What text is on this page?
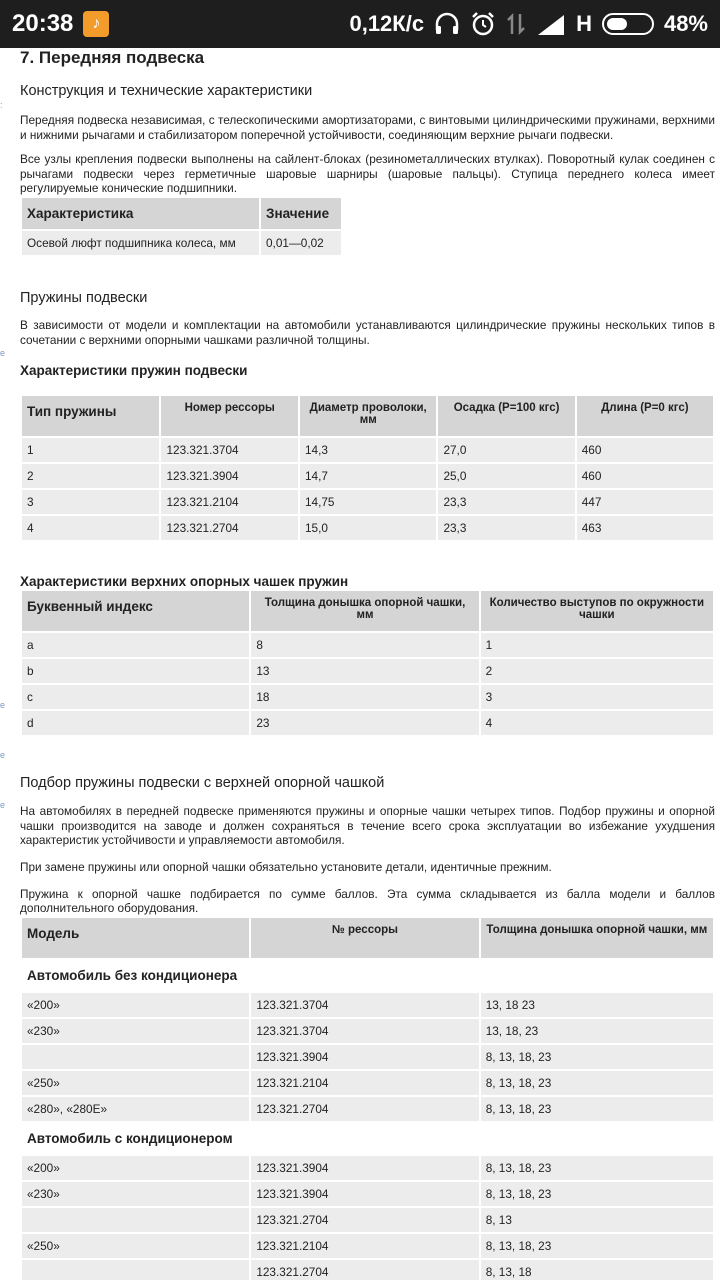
20:38	♪	0,12К/с	H	48%
:
e
e
e
e
7. Передняя подвеска
Конструкция и технические характеристики

Передняя подвеска независимая, с телескопическими амортизаторами, с винтовыми цилиндрическими пружинами, верхними и нижними рычагами и стабилизатором поперечной устойчивости, соединяющим верхние рычаги подвески.

Все узлы крепления подвески выполнены на сайлент-блоках (резинометаллических втулках). Поворотный кулак соединен с рычагами подвески через герметичные шаровые шарниры (шаровые пальцы). Ступица переднего колеса имеет регулируемые конические подшипники.

Характеристика	Значение
Осевой люфт подшипника колеса, мм	0,01—0,02
Пружины подвески

В зависимости от модели и комплектации на автомобили устанавливаются цилиндрические пружины нескольких типов в сочетании с верхними опорными чашками различной толщины.

Характеристики пружин подвески
Тип пружины	Номер рессоры	Диаметр проволоки, мм	Осадка (Р=100 кгс)	Длина (Р=0 кгс)
1	123.321.3704	14,3	27,0	460
2	123.321.3904	14,7	25,0	460
3	123.321.2104	14,75	23,3	447
4	123.321.2704	15,0	23,3	463
Характеристики верхних опорных чашек пружин
Буквенный индекс	Толщина донышка опорной чашки, мм	Количество выступов по окружности чашки
a	8	1
b	13	2
c	18	3
d	23	4
Подбор пружины подвески с верхней опорной чашкой

На автомобилях в передней подвеске применяются пружины и опорные чашки четырех типов. Подбор пружины и опорной чашки производится на заводе и должен сохраняться в течение всего срока эксплуатации во избежание ухудшения характеристик устойчивости и управляемости автомобиля.

При замене пружины или опорной чашки обязательно установите детали, идентичные прежним.

Пружина к опорной чашке подбирается по сумме баллов. Эта сумма складывается из балла модели и баллов дополнительного оборудования.

Модель	№ рессоры	Толщина донышка опорной чашки, мм
Автомобиль без кондиционера		
«200»	123.321.3704	13, 18 23
«230»	123.321.3704	13, 18, 23
	123.321.3904	8, 13, 18, 23
«250»	123.321.2104	8, 13, 18, 23
«280», «280E»	123.321.2704	8, 13, 18, 23
Автомобиль с кондиционером		
«200»	123.321.3904	8, 13, 18, 23
«230»	123.321.3904	8, 13, 18, 23
	123.321.2704	8, 13
«250»	123.321.2104	8, 13, 18, 23
	123.321.2704	8, 13, 18
